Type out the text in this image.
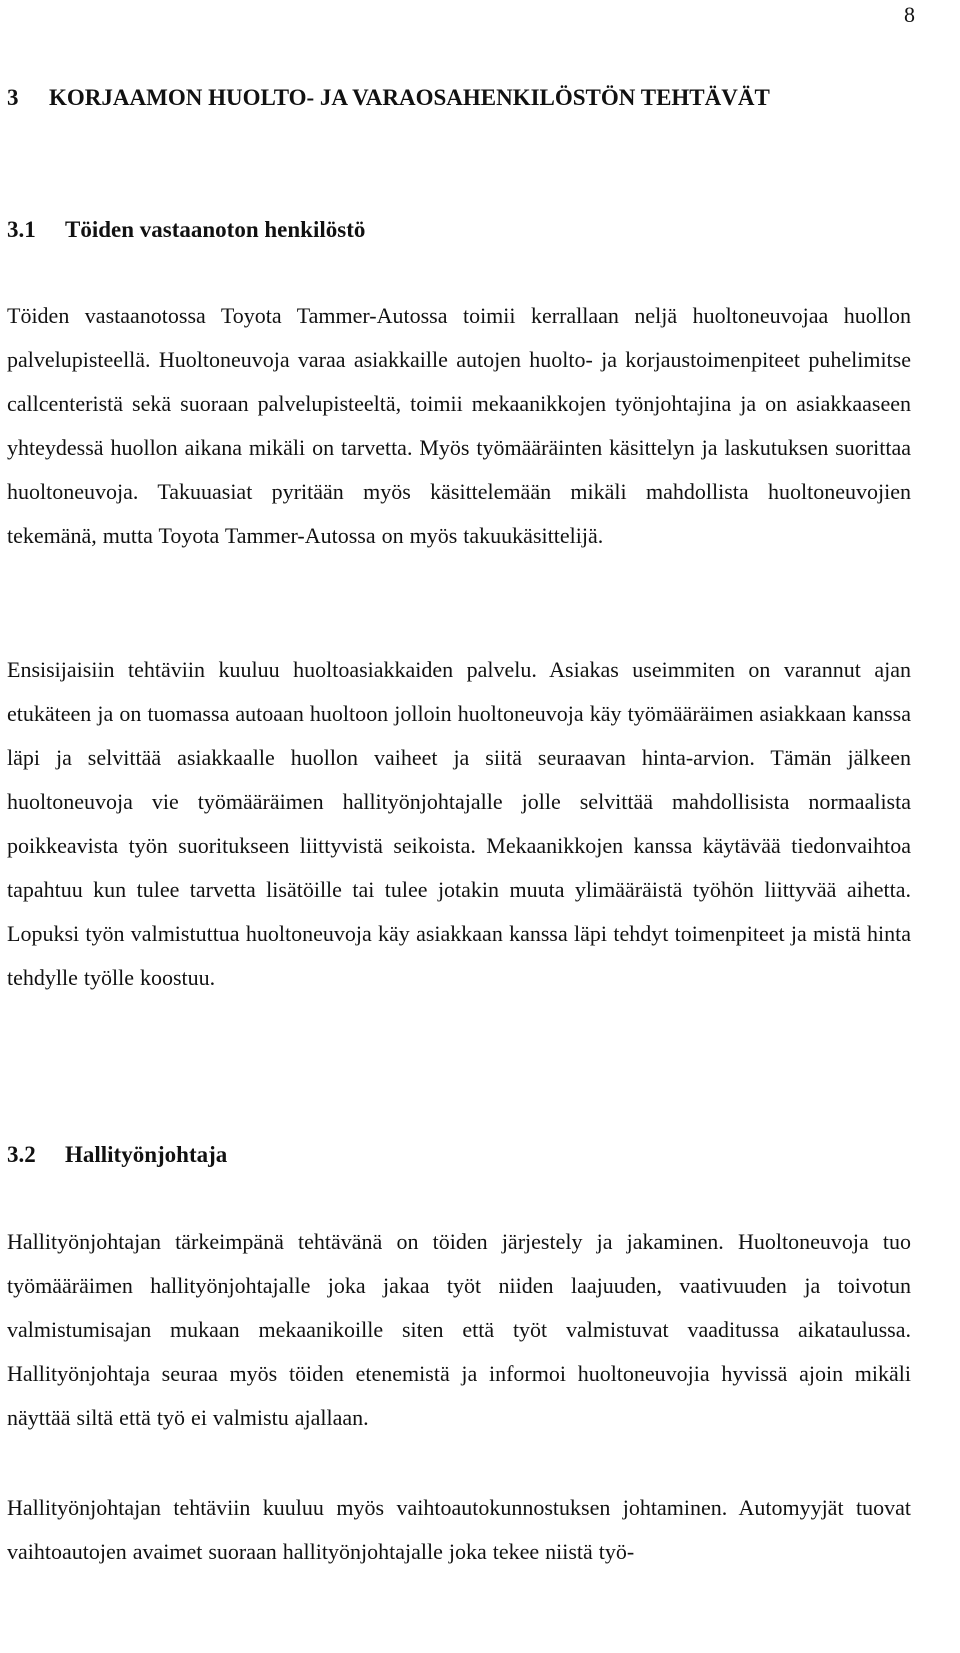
8
3 KORJAAMON HUOLTO- JA VARAOSAHENKILÖSTÖN TEHTÄVÄT
3.1 Töiden vastaanoton henkilöstö

Töiden vastaanotossa Toyota Tammer-Autossa toimii kerrallaan neljä huoltoneuvojaa huollon palvelupisteellä. Huoltoneuvoja varaa asiakkaille autojen huolto- ja korjaustoimenpiteet puhelimitse callcenteristä sekä suoraan palvelupisteeltä, toimii mekaanikkojen työnjohtajina ja on asiakkaaseen yhteydessä huollon aikana mikäli on tarvetta. Myös työmääräinten käsittelyn ja laskutuksen suorittaa huoltoneuvoja. Takuuasiat pyritään myös käsittelemään mikäli mahdollista huoltoneuvojien tekemänä, mutta Toyota Tammer-Autossa on myös takuukäsittelijä.

Ensisijaisiin tehtäviin kuuluu huoltoasiakkaiden palvelu. Asiakas useimmiten on varannut ajan etukäteen ja on tuomassa autoaan huoltoon jolloin huoltoneuvoja käy työmääräimen asiakkaan kanssa läpi ja selvittää asiakkaalle huollon vaiheet ja siitä seuraavan hinta-arvion. Tämän jälkeen huoltoneuvoja vie työmääräimen hallityönjohtajalle jolle selvittää mahdollisista normaalista poikkeavista työn suoritukseen liittyvistä seikoista. Mekaanikkojen kanssa käytävää tiedonvaihtoa tapahtuu kun tulee tarvetta lisätöille tai tulee jotakin muuta ylimääräistä työhön liittyvää aihetta. Lopuksi työn valmistuttua huoltoneuvoja käy asiakkaan kanssa läpi tehdyt toimenpiteet ja mistä hinta tehdylle työlle koostuu.

3.2 Hallityönjohtaja

Hallityönjohtajan tärkeimpänä tehtävänä on töiden järjestely ja jakaminen. Huoltoneuvoja tuo työmääräimen hallityönjohtajalle joka jakaa työt niiden laajuuden, vaativuuden ja toivotun valmistumisajan mukaan mekaanikoille siten että työt valmistuvat vaaditussa aikataulussa. Hallityönjohtaja seuraa myös töiden etenemistä ja informoi huoltoneuvojia hyvissä ajoin mikäli näyttää siltä että työ ei valmistu ajallaan.

Hallityönjohtajan tehtäviin kuuluu myös vaihtoautokunnostuksen johtaminen. Automyyjät tuovat vaihtoautojen avaimet suoraan hallityönjohtajalle joka tekee niistä työ-
